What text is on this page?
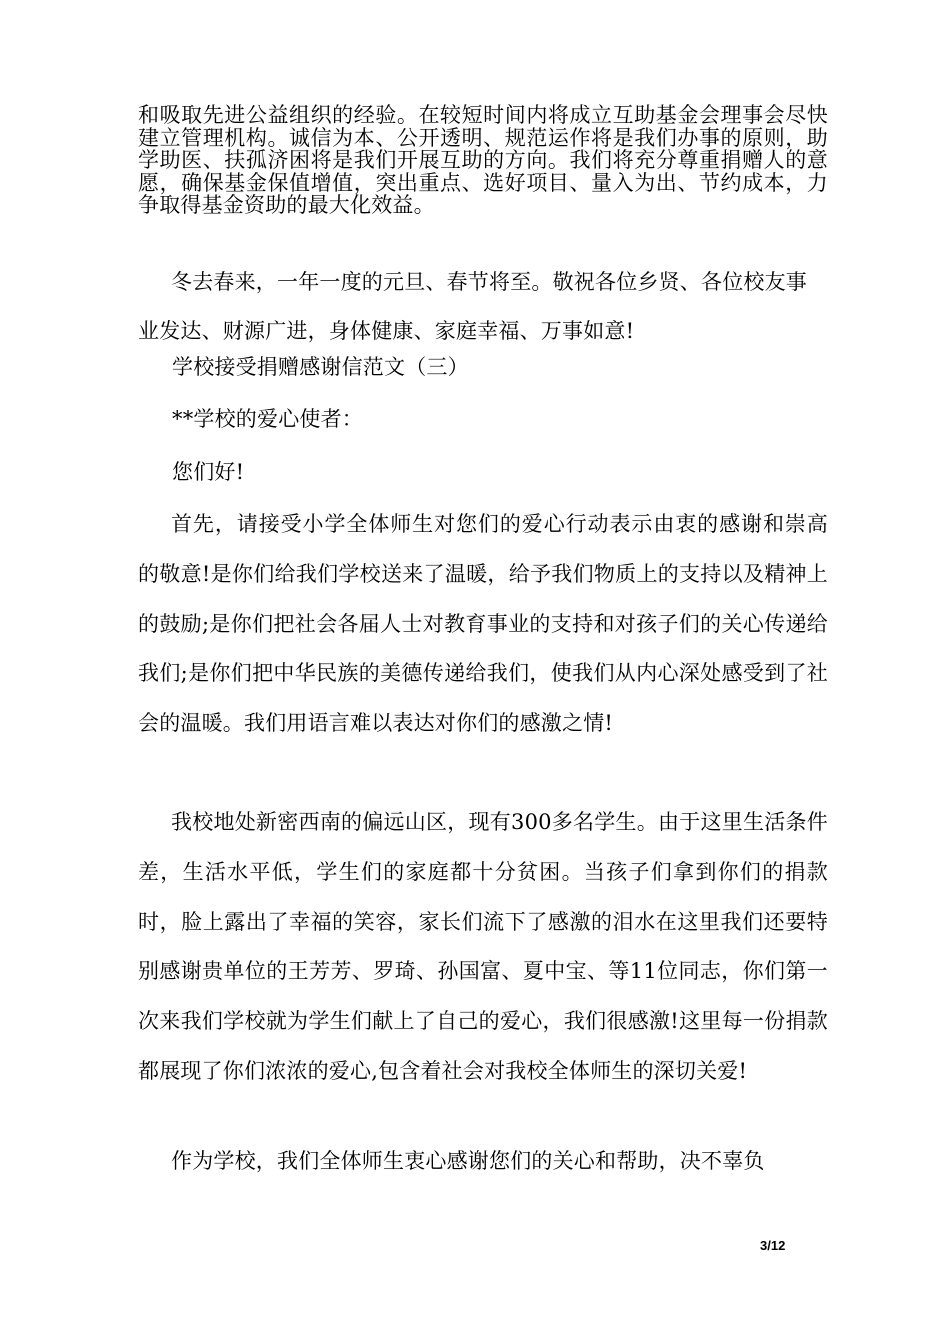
和吸取先进公益组织的经验。在较短时间内将成立互助基金会理事会尽快建立管理机构。诚信为本、公开透明、规范运作将是我们办事的原则，助学助医、扶孤济困将是我们开展互助的方向。我们将充分尊重捐赠人的意愿，确保基金保值增值，突出重点、选好项目、量入为出、节约成本，力争取得基金资助的最大化效益。

冬去春来，一年一度的元旦、春节将至。敬祝各位乡贤、各位校友事业发达、财源广进，身体健康、家庭幸福、万事如意!

学校接受捐赠感谢信范文（三）

**学校的爱心使者：

您们好!

首先，请接受小学全体师生对您们的爱心行动表示由衷的感谢和崇高的敬意!是你们给我们学校送来了温暖，给予我们物质上的支持以及精神上的鼓励;是你们把社会各届人士对教育事业的支持和对孩子们的关心传递给我们;是你们把中华民族的美德传递给我们，使我们从内心深处感受到了社会的温暖。我们用语言难以表达对你们的感激之情!

我校地处新密西南的偏远山区，现有300多名学生。由于这里生活条件差，生活水平低，学生们的家庭都十分贫困。当孩子们拿到你们的捐款时，脸上露出了幸福的笑容，家长们流下了感激的泪水在这里我们还要特别感谢贵单位的王芳芳、罗琦、孙国富、夏中宝、等11位同志，你们第一次来我们学校就为学生们献上了自己的爱心，我们很感激!这里每一份捐款都展现了你们浓浓的爱心,包含着社会对我校全体师生的深切关爱!

作为学校，我们全体师生衷心感谢您们的关心和帮助，决不辜负

3/12
